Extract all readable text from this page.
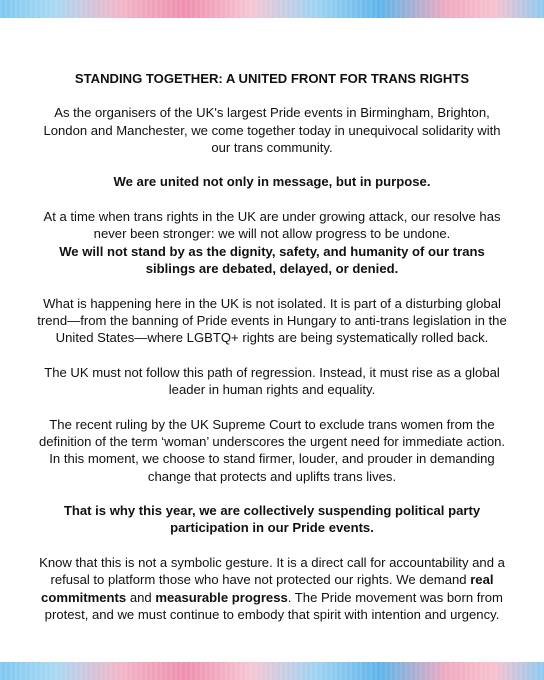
STANDING TOGETHER: A UNITED FRONT FOR TRANS RIGHTS

As the organisers of the UK's largest Pride events in Birmingham, Brighton, London and Manchester, we come together today in unequivocal solidarity with our trans community.

We are united not only in message, but in purpose.

At a time when trans rights in the UK are under growing attack, our resolve has never been stronger: we will not allow progress to be undone.
We will not stand by as the dignity, safety, and humanity of our trans siblings are debated, delayed, or denied.

What is happening here in the UK is not isolated. It is part of a disturbing global trend—from the banning of Pride events in Hungary to anti-trans legislation in the United States—where LGBTQ+ rights are being systematically rolled back.

The UK must not follow this path of regression. Instead, it must rise as a global leader in human rights and equality.

The recent ruling by the UK Supreme Court to exclude trans women from the definition of the term ‘woman’ underscores the urgent need for immediate action. In this moment, we choose to stand firmer, louder, and prouder in demanding change that protects and uplifts trans lives.

That is why this year, we are collectively suspending political party participation in our Pride events.

Know that this is not a symbolic gesture. It is a direct call for accountability and a refusal to platform those who have not protected our rights. We demand real commitments and measurable progress. The Pride movement was born from protest, and we must continue to embody that spirit with intention and urgency.
